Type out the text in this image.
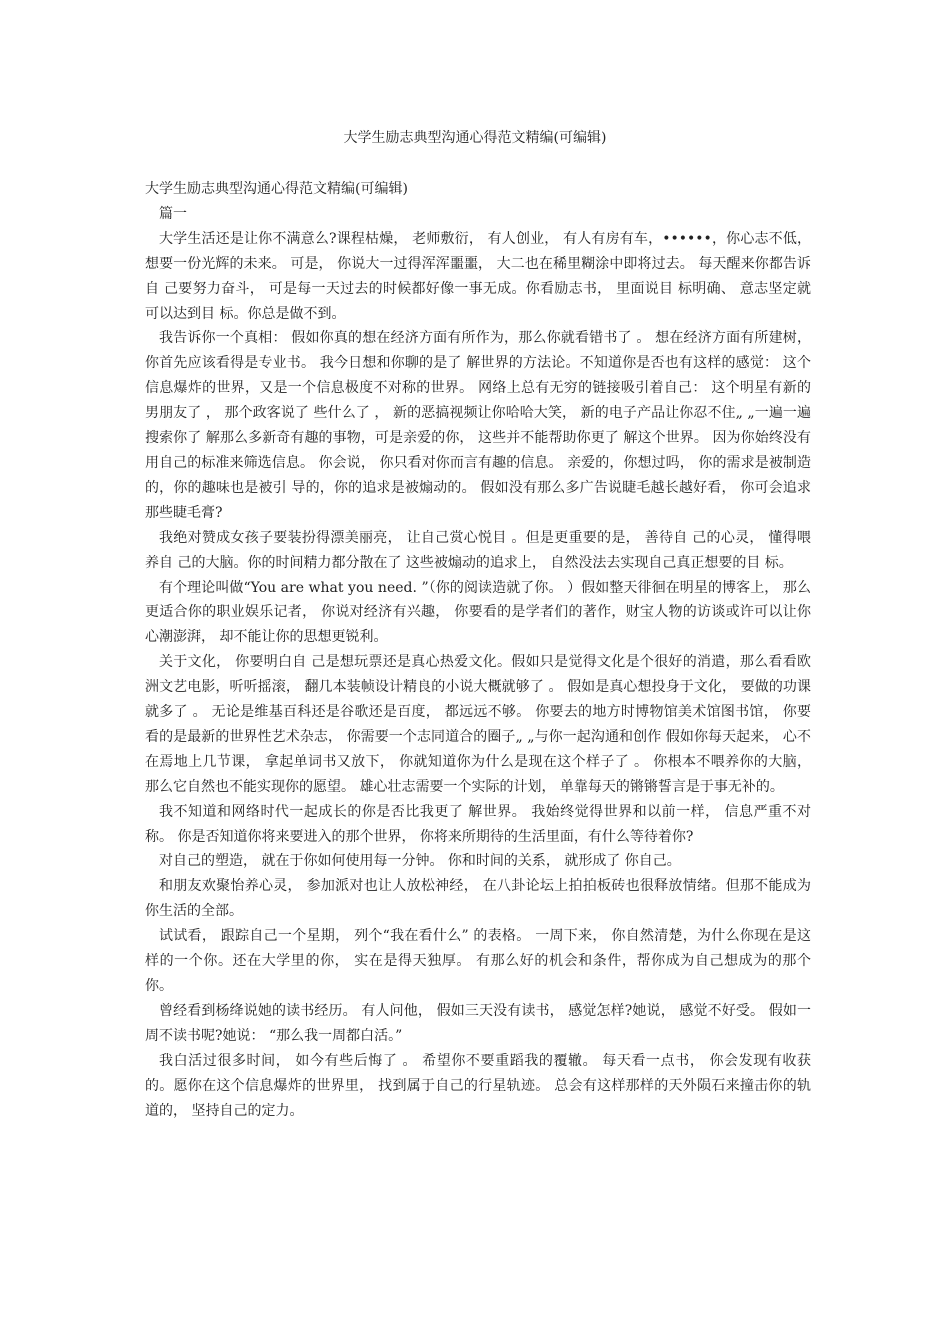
大学生励志典型沟通心得范文精编(可编辑)

大学生励志典型沟通心得范文精编(可编辑)

篇一

大学生活还是让你不满意么?课程枯燥， 老师敷衍， 有人创业， 有人有房有车，••••••，你心志不低， 想要一份光辉的未来。 可是， 你说大一过得浑浑噩噩， 大二也在稀里糊涂中即将过去。 每天醒来你都告诉自 己要努力奋斗， 可是每一天过去的时候都好像一事无成。你看励志书， 里面说目 标明确、 意志坚定就可以达到目 标。你总是做不到。

我告诉你一个真相： 假如你真的想在经济方面有所作为，那么你就看错书了 。 想在经济方面有所建树， 你首先应该看得是专业书。 我今日想和你聊的是了 解世界的方法论。不知道你是否也有这样的感觉： 这个信息爆炸的世界，又是一个信息极度不对称的世界。 网络上总有无穷的链接吸引着自己： 这个明星有新的男朋友了 ， 那个政客说了 些什么了 ， 新的恶搞视频让你哈哈大笑， 新的电子产品让你忍不住„ „一遍一遍搜索你了 解那么多新奇有趣的事物，可是亲爱的你， 这些并不能帮助你更了 解这个世界。 因为你始终没有用自己的标准来筛选信息。 你会说， 你只看对你而言有趣的信息。 亲爱的，你想过吗， 你的需求是被制造的，你的趣味也是被引 导的，你的追求是被煽动的。 假如没有那么多广告说睫毛越长越好看， 你可会追求那些睫毛膏?

我绝对赞成女孩子要装扮得漂美丽亮， 让自己赏心悦目 。但是更重要的是， 善待自 己的心灵， 懂得喂养自 己的大脑。你的时间精力都分散在了 这些被煽动的追求上， 自然没法去实现自己真正想要的目 标。

有个理论叫做“You are what you need. ”（你的阅读造就了你。 ）假如整天徘徊在明星的博客上， 那么更适合你的职业娱乐记者， 你说对经济有兴趣， 你要看的是学者们的著作，财宝人物的访谈或许可以让你心潮澎湃， 却不能让你的思想更锐利。

关于文化， 你要明白自 己是想玩票还是真心热爱文化。假如只是觉得文化是个很好的消遣，那么看看欧洲文艺电影，听听摇滚， 翻几本装帧设计精良的小说大概就够了 。 假如是真心想投身于文化， 要做的功课就多了 。 无论是维基百科还是谷歌还是百度， 都远远不够。 你要去的地方时博物馆美术馆图书馆， 你要看的是最新的世界性艺术杂志， 你需要一个志同道合的圈子„ „与你一起沟通和创作 假如你每天起来， 心不在焉地上几节课， 拿起单词书又放下， 你就知道你为什么是现在这个样子了 。 你根本不喂养你的大脑， 那么它自然也不能实现你的愿望。 雄心壮志需要一个实际的计划， 单靠每天的锵锵誓言是于事无补的。

我不知道和网络时代一起成长的你是否比我更了 解世界。 我始终觉得世界和以前一样， 信息严重不对称。 你是否知道你将来要进入的那个世界， 你将来所期待的生活里面，有什么等待着你?

对自己的塑造， 就在于你如何使用每一分钟。 你和时间的关系， 就形成了 你自己。

和朋友欢聚怡养心灵， 参加派对也让人放松神经， 在八卦论坛上拍拍板砖也很释放情绪。但那不能成为你生活的全部。

试试看， 跟踪自己一个星期， 列个“我在看什么” 的表格。 一周下来， 你自然清楚，为什么你现在是这样的一个你。还在大学里的你， 实在是得天独厚。 有那么好的机会和条件，帮你成为自己想成为的那个你。

曾经看到杨绛说她的读书经历。 有人问他， 假如三天没有读书， 感觉怎样?她说， 感觉不好受。 假如一周不读书呢?她说： “那么我一周都白活。”

我白活过很多时间， 如今有些后悔了 。 希望你不要重蹈我的覆辙。 每天看一点书， 你会发现有收获的。愿你在这个信息爆炸的世界里， 找到属于自己的行星轨迹。 总会有这样那样的天外陨石来撞击你的轨道的， 坚持自己的定力。
